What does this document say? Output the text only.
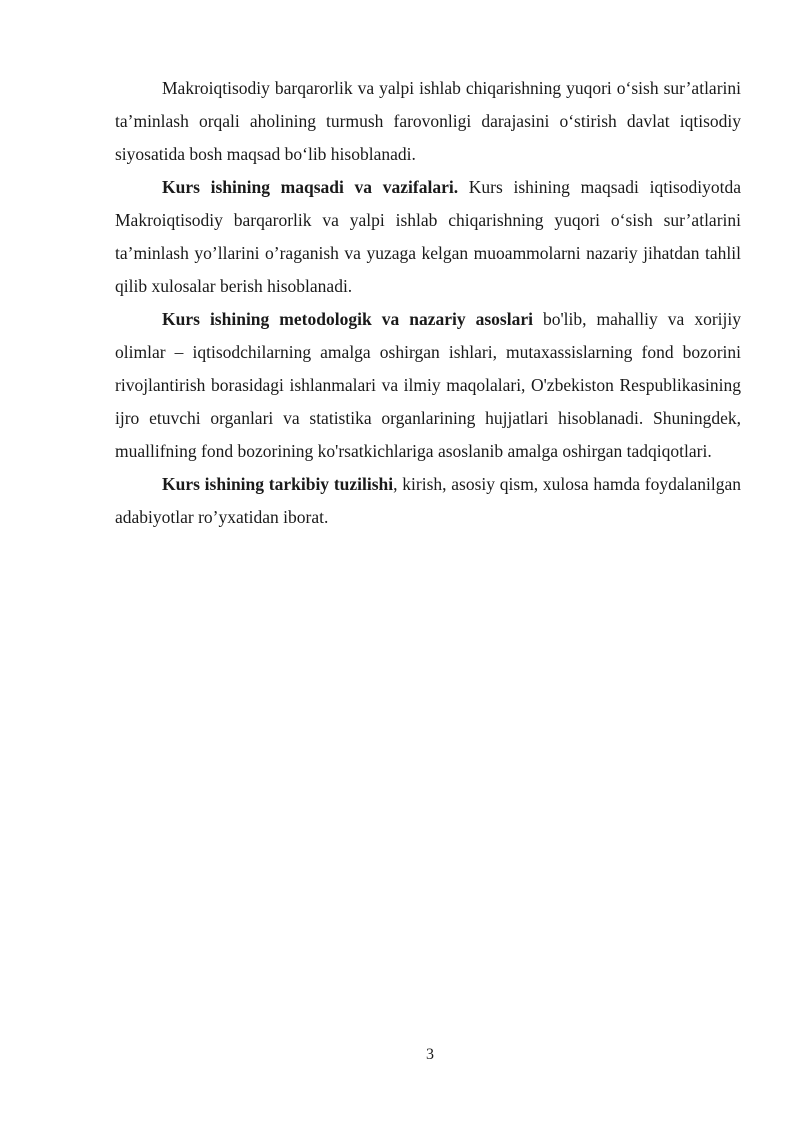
Makroiqtisodiy barqarorlik va yalpi ishlab chiqarishning yuqori o‘sish sur’atlarini ta’minlash orqali aholining turmush farovonligi darajasini o‘stirish davlat iqtisodiy siyosatida bosh maqsad bo‘lib hisoblanadi.

Kurs ishining maqsadi va vazifalari. Kurs ishining maqsadi iqtisodiyotda Makroiqtisodiy barqarorlik va yalpi ishlab chiqarishning yuqori o‘sish sur’atlarini ta’minlash yo’llarini o’raganish va yuzaga kelgan muoammolarni nazariy jihatdan tahlil qilib xulosalar berish hisoblanadi.

Kurs ishining metodologik va nazariy asoslari bo'lib, mahalliy va xorijiy olimlar – iqtisodchilarning amalga oshirgan ishlari, mutaxassislarning fond bozorini rivojlantirish borasidagi ishlanmalari va ilmiy maqolalari, O'zbekiston Respublikasining ijro etuvchi organlari va statistika organlarining hujjatlari hisoblanadi. Shuningdek, muallifning fond bozorining ko'rsatkichlariga asoslanib amalga oshirgan tadqiqotlari.

Kurs ishining tarkibiy tuzilishi, kirish, asosiy qism, xulosa hamda foydalanilgan adabiyotlar ro’yxatidan iborat.

3
